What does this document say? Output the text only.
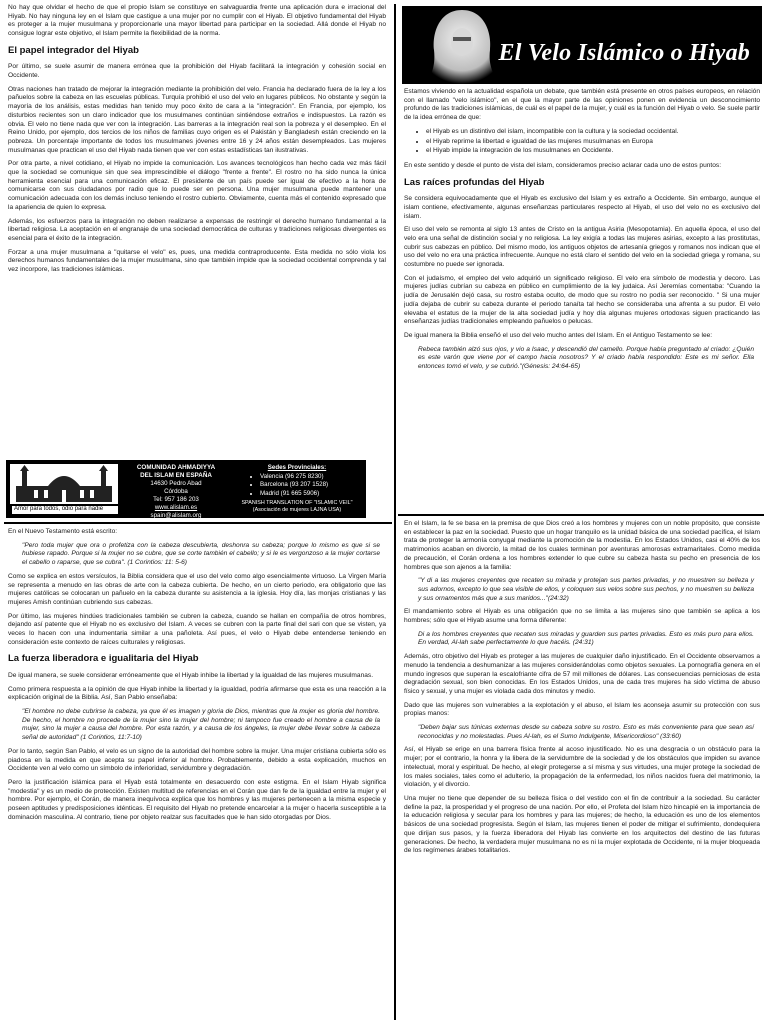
No hay que olvidar el hecho de que el propio Islam se constituye en salvaguardia frente una aplicación dura e irracional del Hiyab. No hay ninguna ley en el Islam que castigue a una mujer por no cumplir con el Hiyab. El objetivo fundamental del Hiyab es proteger a la mujer musulmana y proporcionarle una mayor libertad para participar en la sociedad. Allá donde el Hiyab no consigue lograr este objetivo, el Islam permite la flexibilidad de la norma.

El papel integrador del Hiyab

Por último, se suele asumir de manera errónea que la prohibición del Hiyab facilitará la integración y cohesión social en Occidente.

Otras naciones han tratado de mejorar la integración mediante la prohibición del velo. Francia ha declarado fuera de la ley a los pañuelos sobre la cabeza en las escuelas públicas. Turquía prohibió el uso del velo en lugares públicos. No obstante y según la mayoría de los análisis, estas medidas han tenido muy poco éxito de cara a la "integración". En Francia, por ejemplo, los disturbios recientes son un claro indicador que los musulmanes continúan sintiéndose extraños e indispuestos. La razón es obvia. El velo no tiene nada que ver con la integración. Las barreras a la integración real son la pobreza y el desempleo. En el Reino Unido, por ejemplo, dos tercios de los niños de familias cuyo origen es el Pakistán y Bangladesh están creciendo en la pobreza. Un porcentaje importante de todos los musulmanes jóvenes entre 16 y 24 años están desempleados. Las mujeres musulmanas que practican el uso del Hiyab nada tienen que ver con estas estadísticas tan ilustrativas.

Por otra parte, a nivel cotidiano, el Hiyab no impide la comunicación. Los avances tecnológicos han hecho cada vez más fácil que la sociedad se comunique sin que sea imprescindible el diálogo "frente a frente". El rostro no ha sido nunca la única herramienta esencial para una comunicación eficaz. El presidente de un país puede ser igual de efectivo a la hora de comunicarse con sus ciudadanos por radio que lo puede ser en persona. Una mujer musulmana puede mantener una comunicación adecuada con los demás incluso teniendo el rostro cubierto. Obviamente, cuenta más el contenido expresado que la apariencia de quien lo expresa.

Además, los esfuerzos para la integración no deben realizarse a expensas de restringir el derecho humano fundamental a la libertad religiosa. La aceptación en el engranaje de una sociedad democrática de culturas y tradiciones religiosas divergentes es esencial para el éxito de la integración.

Forzar a una mujer musulmana a "quitarse el velo" es, pues, una medida contraproducente. Esta medida no sólo viola los derechos humanos fundamentales de la mujer musulmana, sino que también impide que la sociedad occidental comprenda y tal vez incorpore, las tradiciones islámicas.

Amor para todos, odio para nadie
COMUNIDAD AHMADIYYA
DEL ISLAM EN ESPAÑA
14630 Pedro Abad
Córdoba
Tel: 957 186 203
www.alislam.es
spain@alislam.org
Sedes Provinciales:
• Valencia (96 275 8230)
• Barcelona (93 207 1528)
• Madrid (91 665 5906)
SPANISH TRANSLATION OF "ISLAMIC VEIL"
(Asociación de mujeres LAJNA USA)

En el Nuevo Testamento está escrito:

"Pero toda mujer que ora o profetiza con la cabeza descubierta, deshonra su cabeza; porque lo mismo es que si se hubiese rapado. Porque si la mujer no se cubre, que se corte también el cabello; y si le es vergonzoso a la mujer cortarse el cabello o raparse, que se cubra". (1 Corintios: 11: 5-6)

Como se explica en estos versículos, la Biblia considera que el uso del velo como algo esencialmente virtuoso. La Virgen María se representa a menudo en las obras de arte con la cabeza cubierta. De hecho, en un cierto periodo, era obligatorio que las mujeres católicas se colocaran un pañuelo en la cabeza durante su asistencia a la iglesia. Hoy día, las monjas cristianas y las mujeres Amish continúan cubriendo sus cabezas.

Por último, las mujeres hindúes tradicionales también se cubren la cabeza, cuando se hallan en compañía de otros hombres, dejando así patente que el Hiyab no es exclusivo del Islam. A veces se cubren con la parte final del sari con que se visten, ya veces lo hacen con una indumentaria similar a una pañoleta. Así pues, el velo o Hiyab debe entenderse teniendo en consideración este contexto de raíces culturales y religiosas.

La fuerza liberadora e igualitaria del Hiyab

De igual manera, se suele considerar erróneamente que el Hiyab inhibe la libertad y la igualdad de las mujeres musulmanas.

Como primera respuesta a la opinión de que Hiyab inhibe la libertad y la igualdad, podría afirmarse que esta es una reacción a la explicación original de la Biblia. Así, San Pablo enseñaba:

"El hombre no debe cubrirse la cabeza, ya que él es imagen y gloria de Dios, mientras que la mujer es gloria del hombre. De hecho, el hombre no procede de la mujer sino la mujer del hombre; ni tampoco fue creado el hombre a causa de la mujer, sino la mujer a causa del hombre. Por esta razón, y a causa de los ángeles, la mujer debe llevar sobre la cabeza señal de autoridad" (1 Corintios, 11:7-10)

Por lo tanto, según San Pablo, el velo es un signo de la autoridad del hombre sobre la mujer. Una mujer cristiana cubierta sólo es piadosa en la medida en que acepta su papel inferior al hombre. Probablemente, debido a esta explicación, muchos en Occidente ven al velo como un símbolo de inferioridad, servidumbre y degradación.

Pero la justificación islámica para el Hiyab está totalmente en desacuerdo con este estigma. En el Islam Hiyab significa "modestia" y es un medio de protección. Existen multitud de referencias en el Corán que dan fe de la igualdad entre la mujer y el hombre. Por ejemplo, el Corán, de manera inequívoca explica que los hombres y las mujeres pertenecen a la misma especie y poseen aptitudes y predisposiciones idénticas. El requisito del Hiyab no pretende encarcelar a la mujer o hacerla susceptible a la dominación masculina. Al contrario, tiene por objeto realzar sus facultades que le han sido otorgadas por Dios.

El Velo Islámico o Hiyab

Estamos viviendo en la actualidad española un debate, que también está presente en otros países europeos, en relación con el llamado "velo islámico", en el que la mayor parte de las opiniones ponen en evidencia un desconocimiento profundo de las tradiciones islámicas, de cuál es el papel de la mujer, y cuál es la función del Hiyab o velo. Se suele partir de la idea errónea de que:

• el Hiyab es un distintivo del islam, incompatible con la cultura y la sociedad occidental.
• el Hiyab reprime la libertad e igualdad de las mujeres musulmanas en Europa
• el Hiyab impide la integración de los musulmanes en Occidente.

En este sentido y desde el punto de vista del islam, consideramos preciso aclarar cada uno de estos puntos:

Las raíces profundas del Hiyab

Se considera equivocadamente que el Hiyab es exclusivo del Islam y es extraño a Occidente. Sin embargo, aunque el islam contiene, efectivamente, algunas enseñanzas particulares respecto al Hiyab, el uso del velo no es exclusivo del islam.

El uso del velo se remonta al siglo 13 antes de Cristo en la antigua Asiria (Mesopotamia). En aquella época, el uso del velo era una señal de distinción social y no religiosa. La ley exigía a todas las mujeres asirias, excepto a las prostitutas, cubrir sus cabezas en público. Del mismo modo, los antiguos objetos de artesanía griegos y romanos nos indican que el uso del velo no era una práctica infrecuente. Aunque no está claro el sentido del velo en la sociedad griega y romana, su costumbre no puede ser ignorada.

Con el judaísmo, el empleo del velo adquirió un significado religioso. El velo era símbolo de modestia y decoro. Las mujeres judías cubrían su cabeza en público en cumplimiento de la ley judaica. Así Jeremías comentaba: "Cuando la judía de Jerusalén dejó casa, su rostro estaba oculto, de modo que su rostro no podía ser reconocido. " Si una mujer judía dejaba de cubrir su cabeza durante el periodo tanaíta tal hecho se consideraba una afrenta a su pudor. El velo elevaba el estatus de la mujer de la alta sociedad judía y hoy día algunas mujeres ortodoxas siguen practicando las enseñanzas judías tradicionales empleando pañuelos o pelucas.

De igual manera la Biblia enseñó el uso del velo mucho antes del Islam. En el Antiguo Testamento se lee:

Rebeca también alzó sus ojos, y vio a Isaac, y descendió del camello. Porque había preguntado al criado: ¿Quién es este varón que viene por el campo hacia nosotros? Y el criado había respondido: Este es mi señor. Ella entonces tomó el velo, y se cubrió."(Génesis: 24:64-65)

En el Islam, la fe se basa en la premisa de que Dios creó a los hombres y mujeres con un noble propósito, que consiste en establecer la paz en la sociedad. Puesto que un hogar tranquilo es la unidad básica de una sociedad pacífica, el Islam trata de proteger la armonía conyugal mediante la promoción de la modestia. En los Estados Unidos, casi el 40% de los matrimonios acaban en divorcio, la mitad de los cuales terminan por aventuras amorosas extramaritales. Como medida de precaución, el Corán ordena a los hombres extender lo que cubre su cabeza hasta su pecho en presencia de los hombres que son ajenos a la familia:

"Y di a las mujeres creyentes que recaten su mirada y protejan sus partes privadas, y no muestren su belleza y sus adornos, excepto lo que sea visible de ellos, y coloquen sus velos sobre sus pechos, y no muestren su belleza y sus ornamentos más que a sus maridos..."(24:32)

El mandamiento sobre el Hiyab es una obligación que no se limita a las mujeres sino que también se aplica a los hombres; sólo que el Hiyab asume una forma diferente:

Di a los hombres creyentes que recaten sus miradas y guarden sus partes privadas. Esto es más puro para ellos. En verdad, Al-lah sabe perfectamente lo que hacéis. (24:31)

Además, otro objetivo del Hiyab es proteger a las mujeres de cualquier daño injustificado. En el Occidente observamos a menudo la tendencia a deshumanizar a las mujeres considerándolas como objetos sexuales. La pornografía genera en el mundo ingresos que superan la escalofriante cifra de 57 mil millones de dólares. Las consecuencias perniciosas de esta degradación sexual, son bien conocidas. En los Estados Unidos, una de cada tres mujeres ha sido víctima de abuso físico y sexual, y una mujer es violada cada dos minutos y medio.

Dado que las mujeres son vulnerables a la explotación y el abuso, el Islam les aconseja asumir su protección con sus propias manos:

"Deben bajar sus túnicas externas desde su cabeza sobre su rostro. Esto es más conveniente para que sean así reconocidas y no molestadas. Pues Al-lah, es el Sumo Indulgente, Misericordioso" (33:60)

Así, el Hiyab se erige en una barrera física frente al acoso injustificado. No es una desgracia o un obstáculo para la mujer; por el contrario, la honra y la libera de la servidumbre de la sociedad y de los obstáculos que impiden su avance intelectual, moral y espiritual. De hecho, al elegir protegerse a sí misma y sus virtudes, una mujer protege la sociedad de los males sociales, tales como el adulterio, la propagación de la enfermedad, los niños nacidos fuera del matrimonio, la violación, y el divorcio.

Una mujer no tiene que depender de su belleza física o del vestido con el fin de contribuir a la sociedad. Su carácter define la paz, la prosperidad y el progreso de una nación. Por ello, el Profeta del Islam hizo hincapié en la importancia de la educación religiosa y secular para los hombres y para las mujeres; de hecho, la educación es uno de los elementos básicos de una sociedad progresista. Según el Islam, las mujeres tienen el poder de mitigar el sufrimiento, dondequiera que dirijan sus pasos, y la fuerza liberadora del Hiyab las convierte en los arquitectos del destino de las futuras generaciones. De hecho, la verdadera mujer musulmana no es ni la mujer explotada de Occidente, ni la mujer bloqueada de los regímenes árabes totalitarios.
